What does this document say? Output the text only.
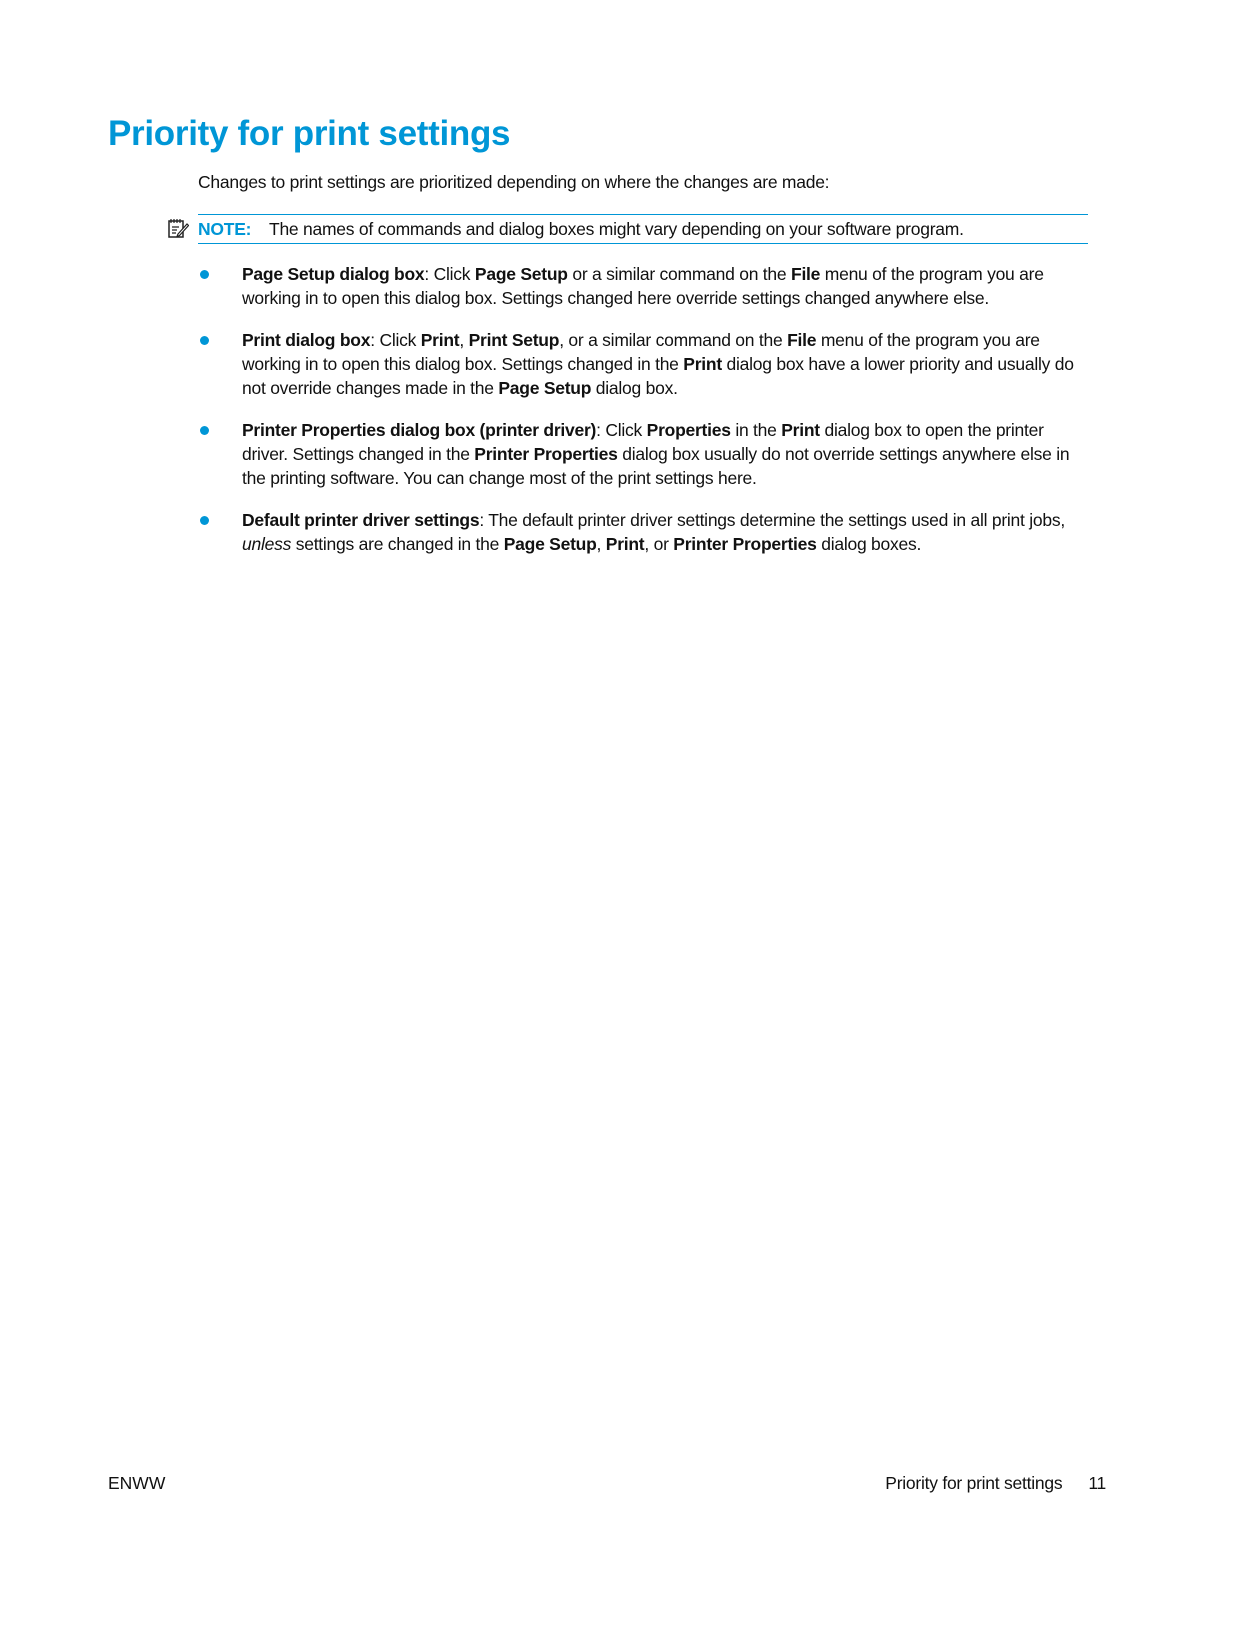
Priority for print settings
Changes to print settings are prioritized depending on where the changes are made:
NOTE: The names of commands and dialog boxes might vary depending on your software program.
Page Setup dialog box: Click Page Setup or a similar command on the File menu of the program you are working in to open this dialog box. Settings changed here override settings changed anywhere else.
Print dialog box: Click Print, Print Setup, or a similar command on the File menu of the program you are working in to open this dialog box. Settings changed in the Print dialog box have a lower priority and usually do not override changes made in the Page Setup dialog box.
Printer Properties dialog box (printer driver): Click Properties in the Print dialog box to open the printer driver. Settings changed in the Printer Properties dialog box usually do not override settings anywhere else in the printing software. You can change most of the print settings here.
Default printer driver settings: The default printer driver settings determine the settings used in all print jobs, unless settings are changed in the Page Setup, Print, or Printer Properties dialog boxes.
ENWW	Priority for print settings 11
